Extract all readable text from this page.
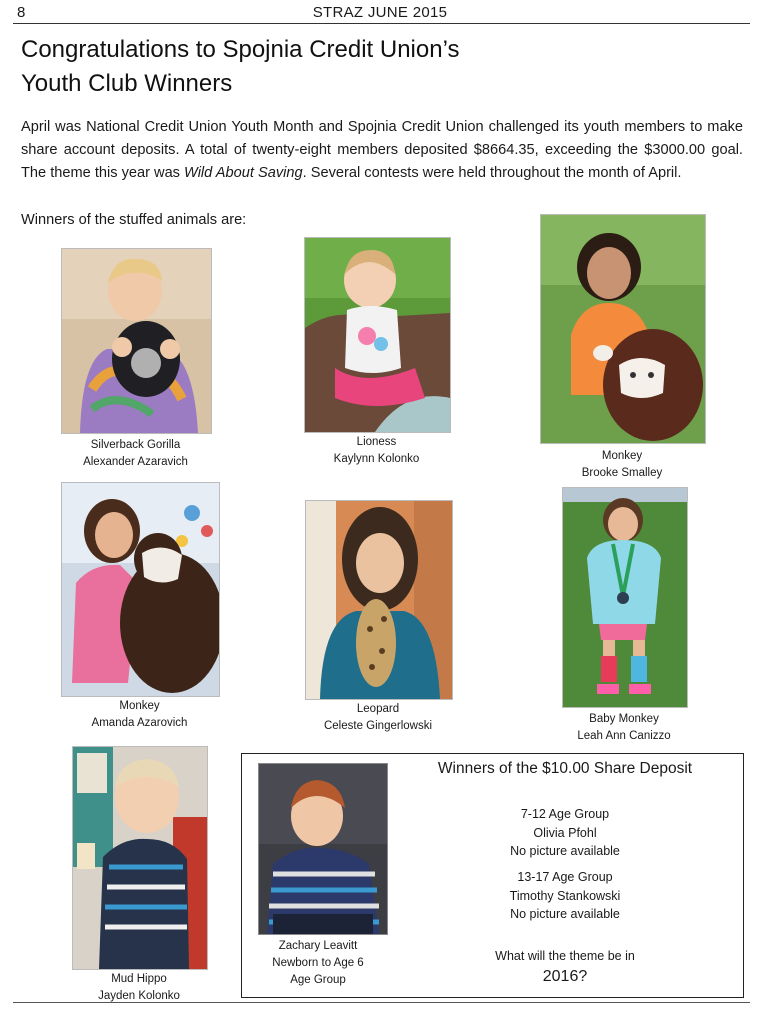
8	STRAZ JUNE 2015
Congratulations to Spojnia Credit Union’s
Youth Club Winners
April was National Credit Union Youth Month and Spojnia Credit Union challenged its youth members to make share account deposits. A total of twenty-eight members deposited $8664.35, exceeding the $3000.00 goal. The theme this year was Wild About Saving. Several contests were held throughout the month of April.
Winners of the stuffed animals are:
Silverback Gorilla
Alexander Azaravich
Lioness
Kaylynn Kolonko	Monkey
Brooke Smalley
Monkey
Amanda Azarovich
Leopard
Celeste Gingerlowski
Baby Monkey
Leah Ann Canizzo
Mud Hippo
Jayden Kolonko
Winners of the $10.00 Share Deposit
Zachary Leavitt
Newborn to Age 6
Age Group
7-12 Age Group
Olivia Pfohl
No picture available
13-17 Age Group
Timothy Stankowski
No picture available
What will the theme be in
2016?
